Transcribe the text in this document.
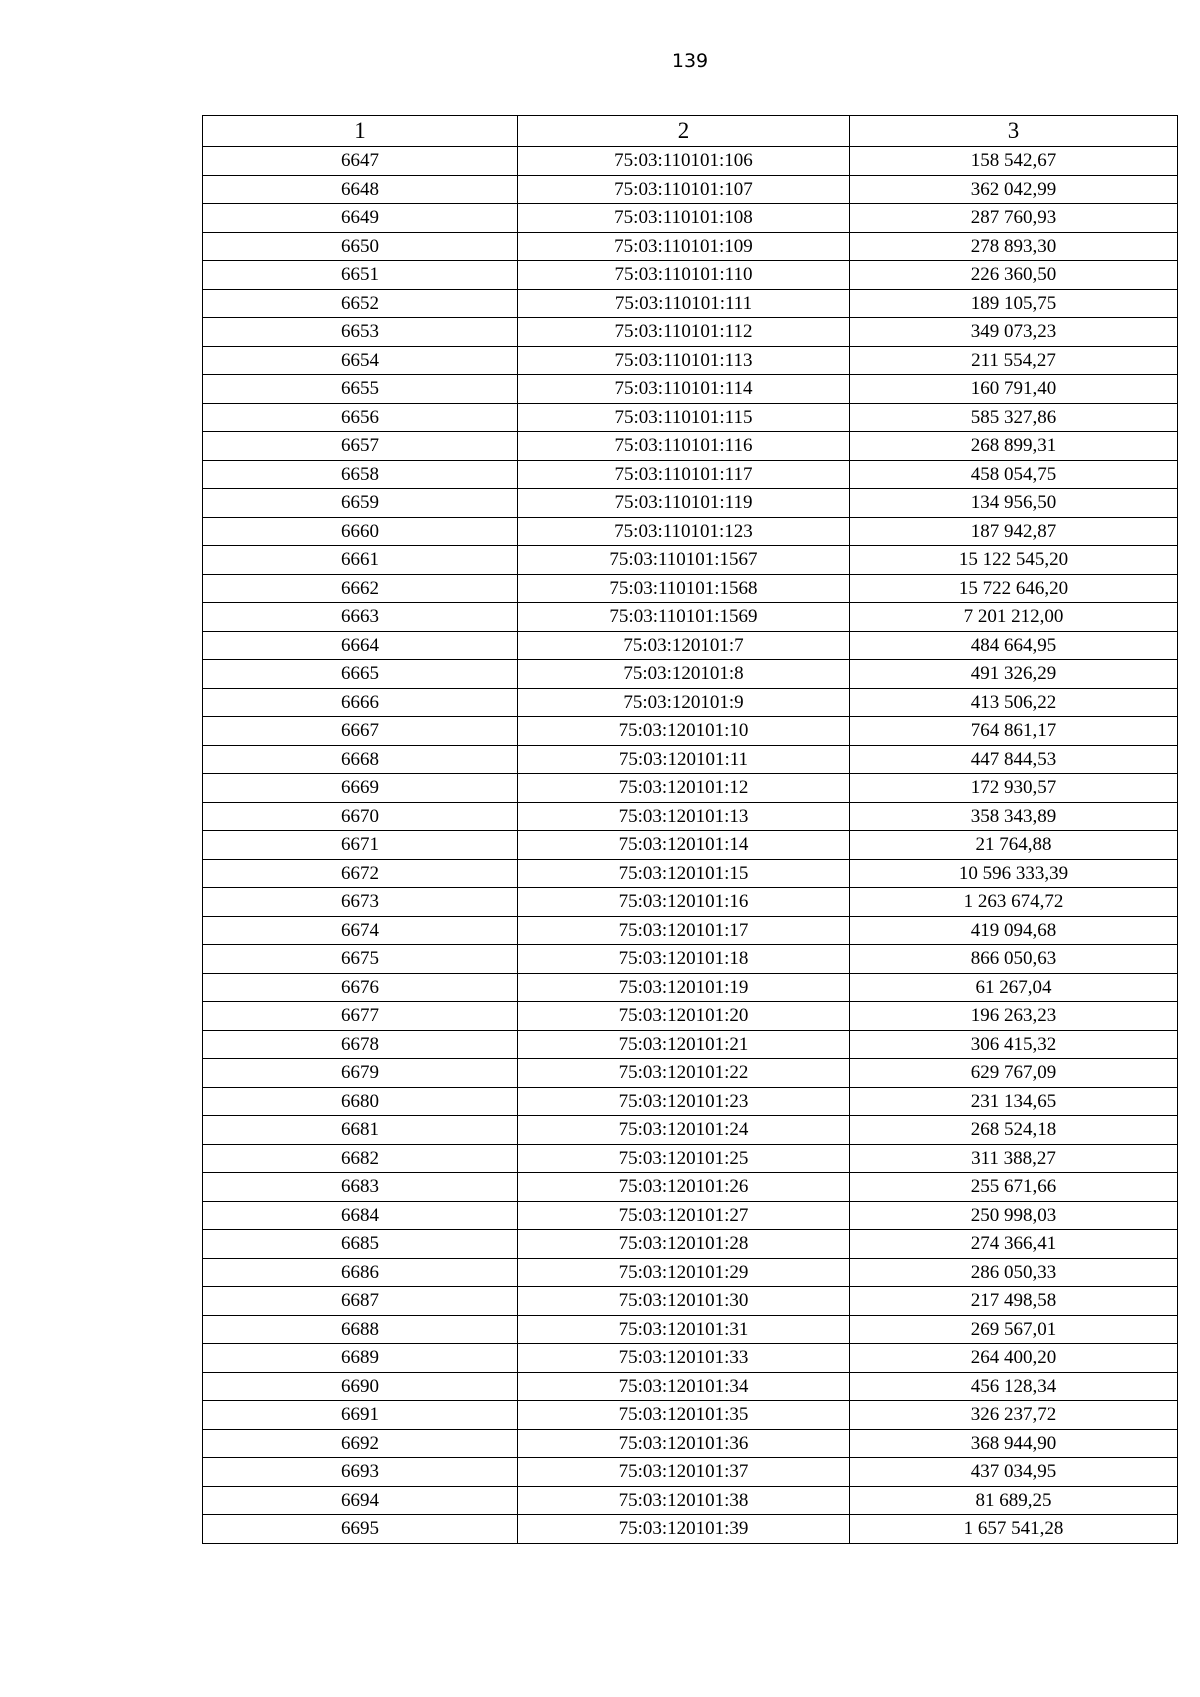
139
1	2	3
6647	75:03:110101:106	158 542,67
6648	75:03:110101:107	362 042,99
6649	75:03:110101:108	287 760,93
6650	75:03:110101:109	278 893,30
6651	75:03:110101:110	226 360,50
6652	75:03:110101:111	189 105,75
6653	75:03:110101:112	349 073,23
6654	75:03:110101:113	211 554,27
6655	75:03:110101:114	160 791,40
6656	75:03:110101:115	585 327,86
6657	75:03:110101:116	268 899,31
6658	75:03:110101:117	458 054,75
6659	75:03:110101:119	134 956,50
6660	75:03:110101:123	187 942,87
6661	75:03:110101:1567	15 122 545,20
6662	75:03:110101:1568	15 722 646,20
6663	75:03:110101:1569	7 201 212,00
6664	75:03:120101:7	484 664,95
6665	75:03:120101:8	491 326,29
6666	75:03:120101:9	413 506,22
6667	75:03:120101:10	764 861,17
6668	75:03:120101:11	447 844,53
6669	75:03:120101:12	172 930,57
6670	75:03:120101:13	358 343,89
6671	75:03:120101:14	21 764,88
6672	75:03:120101:15	10 596 333,39
6673	75:03:120101:16	1 263 674,72
6674	75:03:120101:17	419 094,68
6675	75:03:120101:18	866 050,63
6676	75:03:120101:19	61 267,04
6677	75:03:120101:20	196 263,23
6678	75:03:120101:21	306 415,32
6679	75:03:120101:22	629 767,09
6680	75:03:120101:23	231 134,65
6681	75:03:120101:24	268 524,18
6682	75:03:120101:25	311 388,27
6683	75:03:120101:26	255 671,66
6684	75:03:120101:27	250 998,03
6685	75:03:120101:28	274 366,41
6686	75:03:120101:29	286 050,33
6687	75:03:120101:30	217 498,58
6688	75:03:120101:31	269 567,01
6689	75:03:120101:33	264 400,20
6690	75:03:120101:34	456 128,34
6691	75:03:120101:35	326 237,72
6692	75:03:120101:36	368 944,90
6693	75:03:120101:37	437 034,95
6694	75:03:120101:38	81 689,25
6695	75:03:120101:39	1 657 541,28
